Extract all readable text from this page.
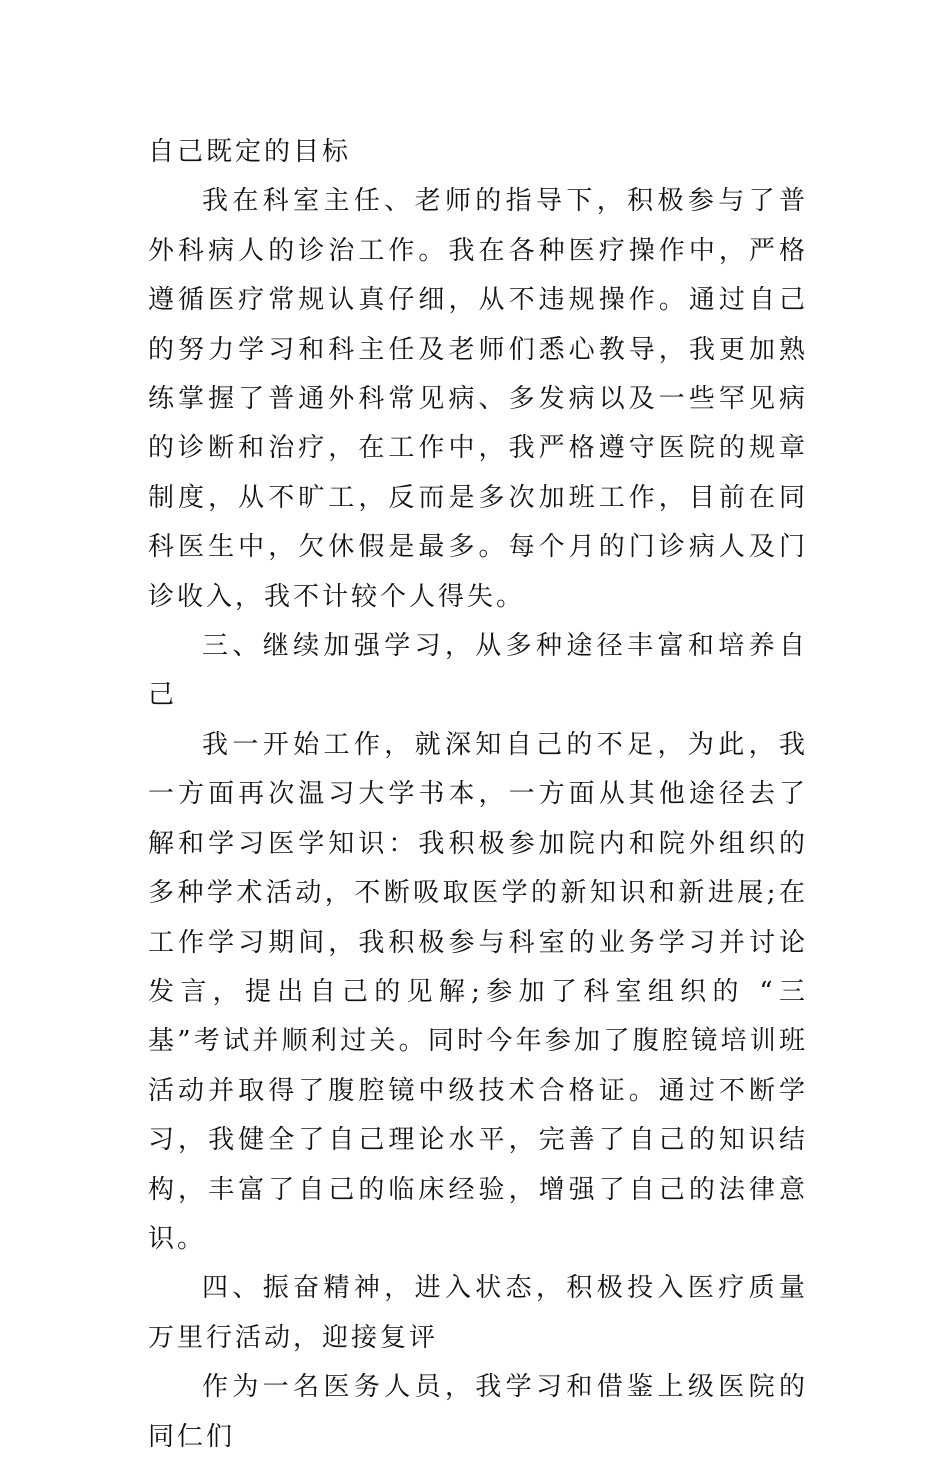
自己既定的目标

我在科室主任、老师的指导下，积极参与了普外科病人的诊治工作。我在各种医疗操作中，严格遵循医疗常规认真仔细，从不违规操作。通过自己的努力学习和科主任及老师们悉心教导，我更加熟练掌握了普通外科常见病、多发病以及一些罕见病的诊断和治疗，在工作中，我严格遵守医院的规章制度，从不旷工，反而是多次加班工作，目前在同科医生中，欠休假是最多。每个月的门诊病人及门诊收入，我不计较个人得失。

三、继续加强学习，从多种途径丰富和培养自己

我一开始工作，就深知自己的不足，为此，我一方面再次温习大学书本，一方面从其他途径去了解和学习医学知识：我积极参加院内和院外组织的多种学术活动，不断吸取医学的新知识和新进展;在工作学习期间，我积极参与科室的业务学习并讨论发言，提出自己的见解;参加了科室组织的 “三基”考试并顺利过关。同时今年参加了腹腔镜培训班活动并取得了腹腔镜中级技术合格证。通过不断学习，我健全了自己理论水平，完善了自己的知识结构，丰富了自己的临床经验，增强了自己的法律意识。

四、振奋精神，进入状态，积极投入医疗质量万里行活动，迎接复评

作为一名医务人员，我学习和借鉴上级医院的同仁们
